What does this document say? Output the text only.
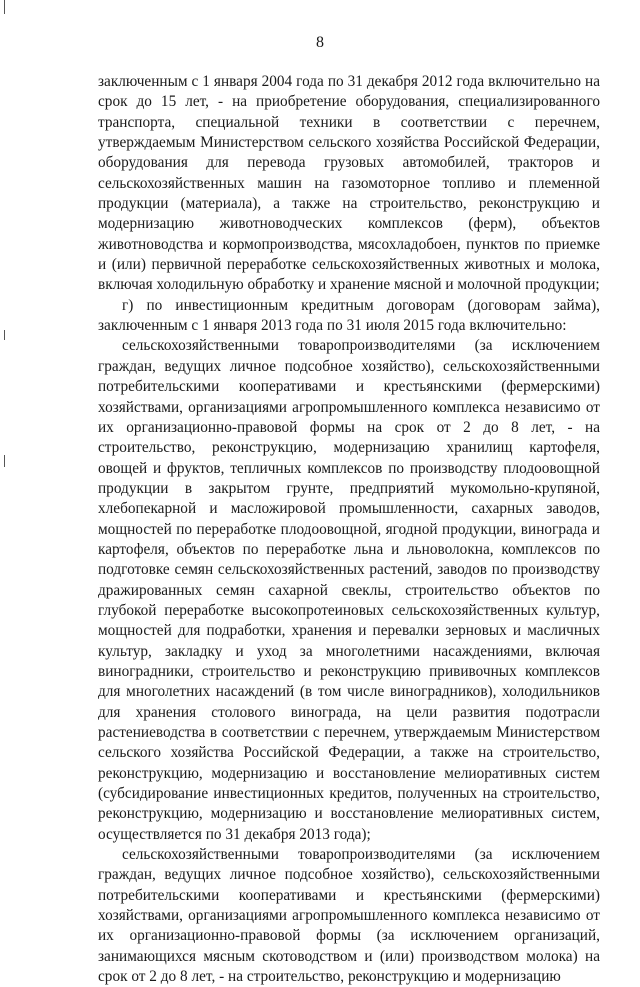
8

заключенным с 1 января 2004 года по 31 декабря 2012 года включительно на срок до 15 лет, - на приобретение оборудования, специализированного транспорта, специальной техники в соответствии с перечнем, утверждаемым Министерством сельского хозяйства Российской Федерации, оборудования для перевода грузовых автомобилей, тракторов и сельскохозяйственных машин на газомоторное топливо и племенной продукции (материала), а также на строительство, реконструкцию и модернизацию животноводческих комплексов (ферм), объектов животноводства и кормопроизводства, мясохладобоен, пунктов по приемке и (или) первичной переработке сельскохозяйственных животных и молока, включая холодильную обработку и хранение мясной и молочной продукции;

г) по инвестиционным кредитным договорам (договорам займа), заключенным с 1 января 2013 года по 31 июля 2015 года включительно:

сельскохозяйственными товаропроизводителями (за исключением граждан, ведущих личное подсобное хозяйство), сельскохозяйственными потребительскими кооперативами и крестьянскими (фермерскими) хозяйствами, организациями агропромышленного комплекса независимо от их организационно-правовой формы на срок от 2 до 8 лет, - на строительство, реконструкцию, модернизацию хранилищ картофеля, овощей и фруктов, тепличных комплексов по производству плодоовощной продукции в закрытом грунте, предприятий мукомольно-крупяной, хлебопекарной и масложировой промышленности, сахарных заводов, мощностей по переработке плодоовощной, ягодной продукции, винограда и картофеля, объектов по переработке льна и льноволокна, комплексов по подготовке семян сельскохозяйственных растений, заводов по производству дражированных семян сахарной свеклы, строительство объектов по глубокой переработке высокопротеиновых сельскохозяйственных культур, мощностей для подработки, хранения и перевалки зерновых и масличных культур, закладку и уход за многолетними насаждениями, включая виноградники, строительство и реконструкцию прививочных комплексов для многолетних насаждений (в том числе виноградников), холодильников для хранения столового винограда, на цели развития подотрасли растениеводства в соответствии с перечнем, утверждаемым Министерством сельского хозяйства Российской Федерации, а также на строительство, реконструкцию, модернизацию и восстановление мелиоративных систем (субсидирование инвестиционных кредитов, полученных на строительство, реконструкцию, модернизацию и восстановление мелиоративных систем, осуществляется по 31 декабря 2013 года);

сельскохозяйственными товаропроизводителями (за исключением граждан, ведущих личное подсобное хозяйство), сельскохозяйственными потребительскими кооперативами и крестьянскими (фермерскими) хозяйствами, организациями агропромышленного комплекса независимо от их организационно-правовой формы (за исключением организаций, занимающихся мясным скотоводством и (или) производством молока) на срок от 2 до 8 лет, - на строительство, реконструкцию и модернизацию
